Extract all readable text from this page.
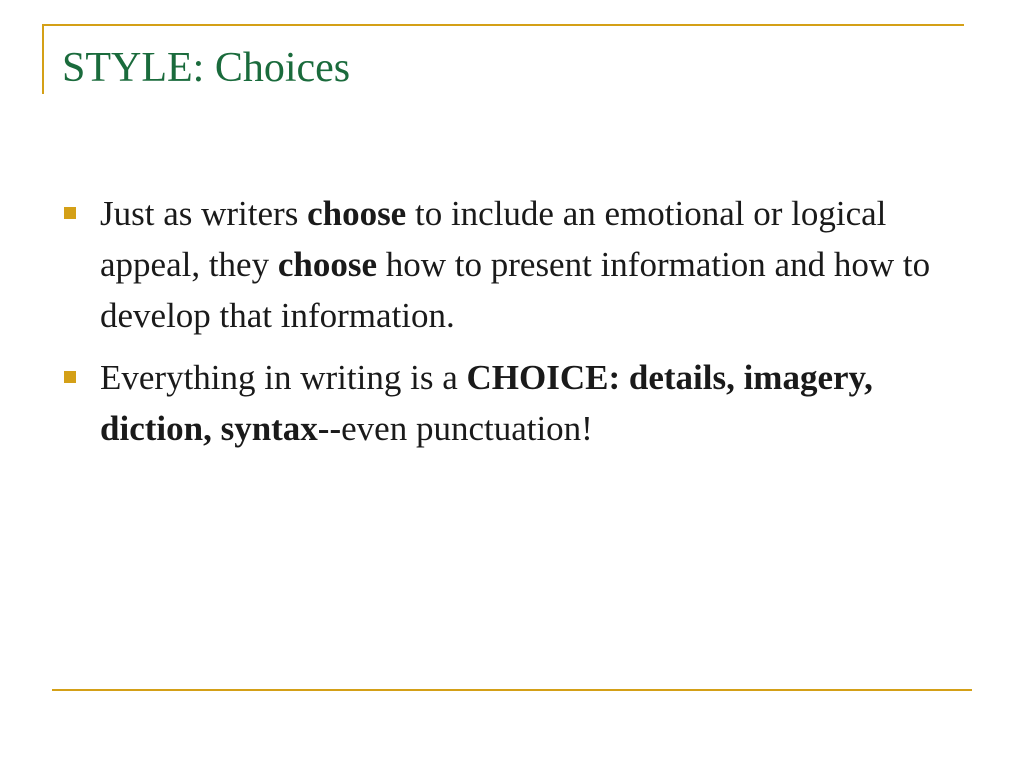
STYLE: Choices
Just as writers choose to include an emotional or logical appeal, they choose how to present information and how to develop that information.
Everything in writing is a CHOICE: details, imagery, diction, syntax--even punctuation!
